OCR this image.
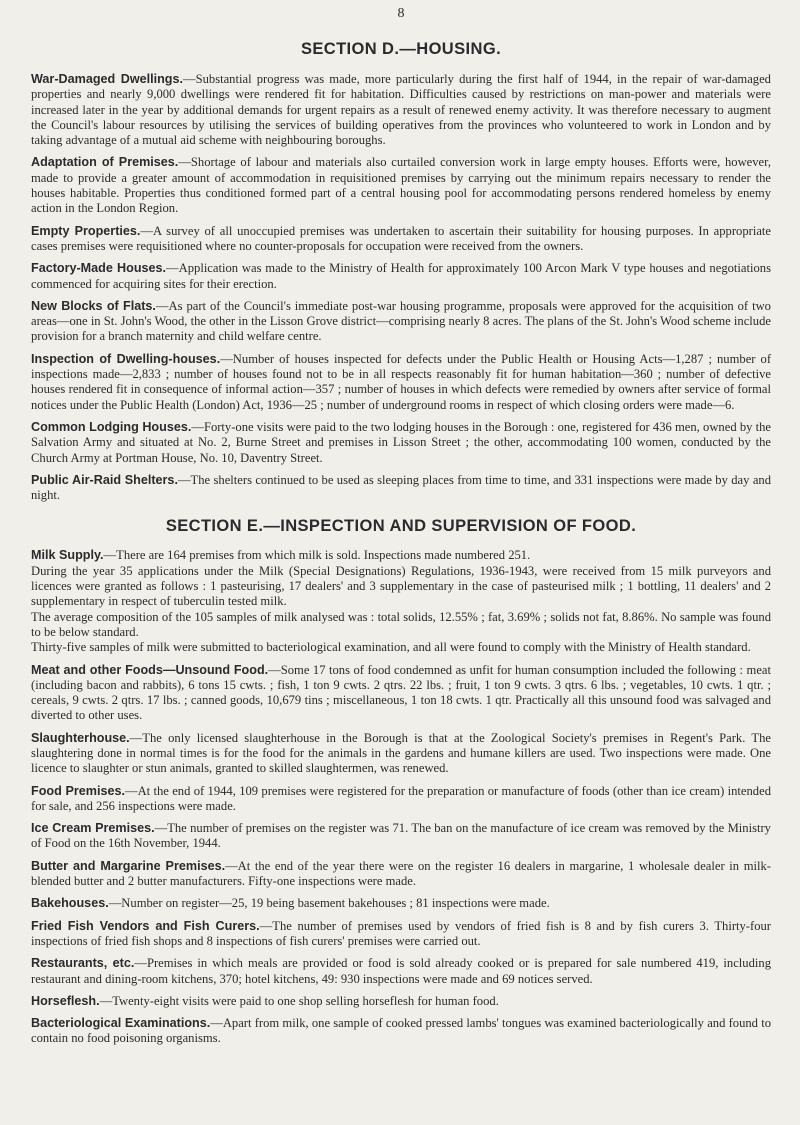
8
SECTION D.—HOUSING.

War-Damaged Dwellings.—Substantial progress was made, more particularly during the first half of 1944, in the repair of war-damaged properties and nearly 9,000 dwellings were rendered fit for habitation. Difficulties caused by restrictions on man-power and materials were increased later in the year by additional demands for urgent repairs as a result of renewed enemy activity. It was therefore necessary to augment the Council's labour resources by utilising the services of building operatives from the provinces who volunteered to work in London and by taking advantage of a mutual aid scheme with neighbouring boroughs.

Adaptation of Premises.—Shortage of labour and materials also curtailed conversion work in large empty houses. Efforts were, however, made to provide a greater amount of accommodation in requisitioned premises by carrying out the minimum repairs necessary to render the houses habitable. Properties thus conditioned formed part of a central housing pool for accommodating persons rendered homeless by enemy action in the London Region.

Empty Properties.—A survey of all unoccupied premises was undertaken to ascertain their suitability for housing purposes. In appropriate cases premises were requisitioned where no counter-proposals for occupation were received from the owners.

Factory-Made Houses.—Application was made to the Ministry of Health for approximately 100 Arcon Mark V type houses and negotiations commenced for acquiring sites for their erection.

New Blocks of Flats.—As part of the Council's immediate post-war housing programme, proposals were approved for the acquisition of two areas—one in St. John's Wood, the other in the Lisson Grove district—comprising nearly 8 acres. The plans of the St. John's Wood scheme include provision for a branch maternity and child welfare centre.

Inspection of Dwelling-houses.—Number of houses inspected for defects under the Public Health or Housing Acts—1,287 ; number of inspections made—2,833 ; number of houses found not to be in all respects reasonably fit for human habitation—360 ; number of defective houses rendered fit in consequence of informal action—357 ; number of houses in which defects were remedied by owners after service of formal notices under the Public Health (London) Act, 1936—25 ; number of underground rooms in respect of which closing orders were made—6.

Common Lodging Houses.—Forty-one visits were paid to the two lodging houses in the Borough : one, registered for 436 men, owned by the Salvation Army and situated at No. 2, Burne Street and premises in Lisson Street ; the other, accommodating 100 women, conducted by the Church Army at Portman House, No. 10, Daventry Street.

Public Air-Raid Shelters.—The shelters continued to be used as sleeping places from time to time, and 331 inspections were made by day and night.

SECTION E.—INSPECTION AND SUPERVISION OF FOOD.

Milk Supply.—There are 164 premises from which milk is sold. Inspections made numbered 251.

During the year 35 applications under the Milk (Special Designations) Regulations, 1936-1943, were received from 15 milk purveyors and licences were granted as follows : 1 pasteurising, 17 dealers' and 3 supplementary in the case of pasteurised milk ; 1 bottling, 11 dealers' and 2 supplementary in respect of tuberculin tested milk.

The average composition of the 105 samples of milk analysed was : total solids, 12.55% ; fat, 3.69% ; solids not fat, 8.86%. No sample was found to be below standard.

Thirty-five samples of milk were submitted to bacteriological examination, and all were found to comply with the Ministry of Health standard.

Meat and other Foods—Unsound Food.—Some 17 tons of food condemned as unfit for human consumption included the following : meat (including bacon and rabbits), 6 tons 15 cwts. ; fish, 1 ton 9 cwts. 2 qtrs. 22 lbs. ; fruit, 1 ton 9 cwts. 3 qtrs. 6 lbs. ; vegetables, 10 cwts. 1 qtr. ; cereals, 9 cwts. 2 qtrs. 17 lbs. ; canned goods, 10,679 tins ; miscellaneous, 1 ton 18 cwts. 1 qtr. Practically all this unsound food was salvaged and diverted to other uses.

Slaughterhouse.—The only licensed slaughterhouse in the Borough is that at the Zoological Society's premises in Regent's Park. The slaughtering done in normal times is for the food for the animals in the gardens and humane killers are used. Two inspections were made. One licence to slaughter or stun animals, granted to skilled slaughtermen, was renewed.

Food Premises.—At the end of 1944, 109 premises were registered for the preparation or manufacture of foods (other than ice cream) intended for sale, and 256 inspections were made.

Ice Cream Premises.—The number of premises on the register was 71. The ban on the manufacture of ice cream was removed by the Ministry of Food on the 16th November, 1944.

Butter and Margarine Premises.—At the end of the year there were on the register 16 dealers in margarine, 1 wholesale dealer in milk-blended butter and 2 butter manufacturers. Fifty-one inspections were made.

Bakehouses.—Number on register—25, 19 being basement bakehouses ; 81 inspections were made.

Fried Fish Vendors and Fish Curers.—The number of premises used by vendors of fried fish is 8 and by fish curers 3. Thirty-four inspections of fried fish shops and 8 inspections of fish curers' premises were carried out.

Restaurants, etc.—Premises in which meals are provided or food is sold already cooked or is prepared for sale numbered 419, including restaurant and dining-room kitchens, 370; hotel kitchens, 49: 930 inspections were made and 69 notices served.

Horseflesh.—Twenty-eight visits were paid to one shop selling horseflesh for human food.

Bacteriological Examinations.—Apart from milk, one sample of cooked pressed lambs' tongues was examined bacteriologically and found to contain no food poisoning organisms.
